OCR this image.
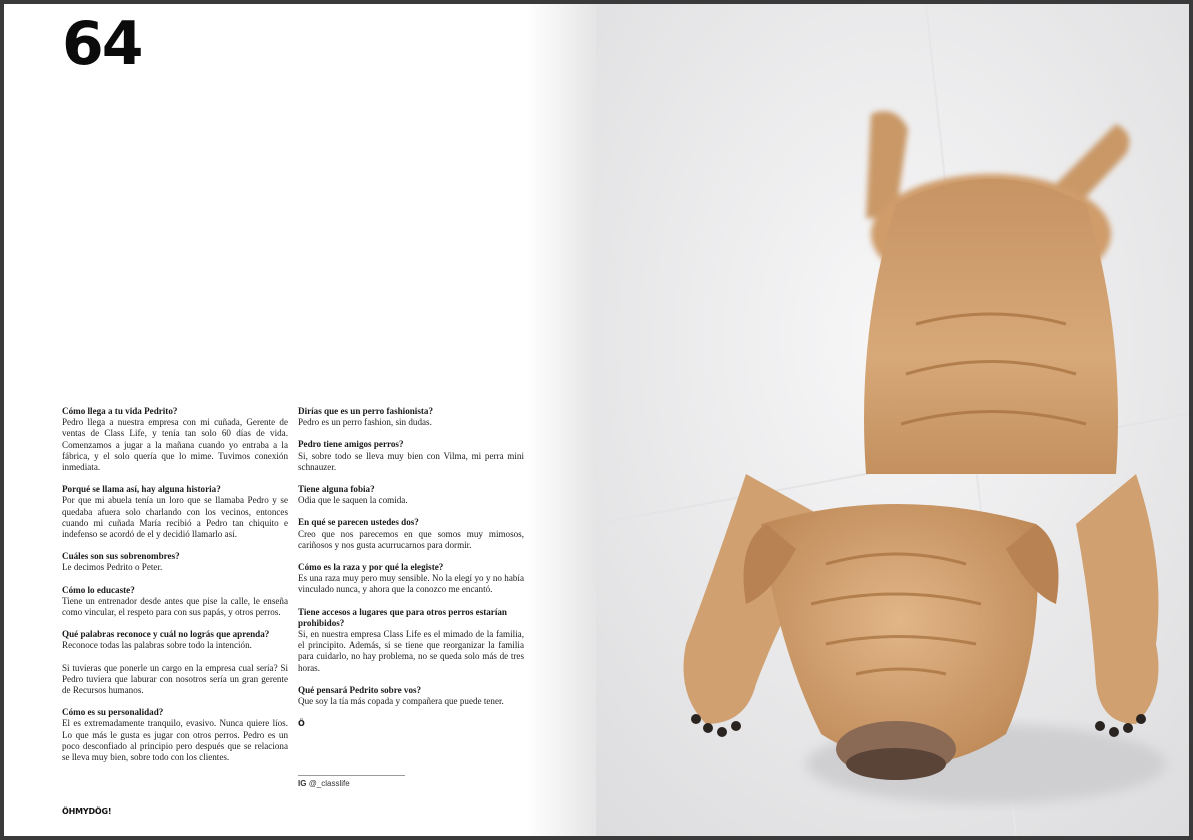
64
Cómo llega a tu vida Pedrito?
Pedro llega a nuestra empresa con mi cuñada, Gerente de ventas de Class Life, y tenía tan solo 60 días de vida. Comenzamos a jugar a la mañana cuando yo entraba a la fábrica, y el solo quería que lo mime. Tuvimos conexión inmediata.
Porqué se llama así, hay alguna historia?
Por que mi abuela tenía un loro que se llamaba Pedro y se quedaba afuera solo charlando con los vecinos, entonces cuando mi cuñada María recibió a Pedro tan chiquito e indefenso se acordó de el y decidió llamarlo así.
Cuáles son sus sobrenombres?
Le decimos Pedrito o Peter.
Cómo lo educaste?
Tiene un entrenador desde antes que pise la calle, le enseña como vincular, el respeto para con sus papás, y otros perros.
Qué palabras reconoce y cuál no lográs que aprenda?
Reconoce todas las palabras sobre todo la intención.
Si tuvieras que ponerle un cargo en la empresa cual sería? Si Pedro tuviera que laburar con nosotros sería un gran gerente de Recursos humanos.
Cómo es su personalidad?
El es extremadamente tranquilo, evasivo. Nunca quiere líos. Lo que más le gusta es jugar con otros perros. Pedro es un poco desconfiado al principio pero después que se relaciona se lleva muy bien, sobre todo con los clientes.
Dirías que es un perro fashionista?
Pedro es un perro fashion, sin dudas.
Pedro tiene amigos perros?
Si, sobre todo se lleva muy bien con Vilma, mi perra mini schnauzer.
Tiene alguna fobia?
Odia que le saquen la comida.
En qué se parecen ustedes dos?
Creo que nos parecemos en que somos muy mimosos, cariñosos y nos gusta acurrucarnos para dormir.
Cómo es la raza y por qué la elegiste?
Es una raza muy pero muy sensible. No la elegí yo y no había vinculado nunca, y ahora que la conozco me encantó.
Tiene accesos a lugares que para otros perros estarían prohibidos?
Si, en nuestra empresa Class Life es el mimado de la familia, el principito. Además, si se tiene que reorganizar la familia para cuidarlo, no hay problema, no se queda solo más de tres horas.
Qué pensará Pedrito sobre vos?
Que soy la tía más copada y compañera que puede tener.
Ö
IG @_classlife
ÖHMYDÖG!
